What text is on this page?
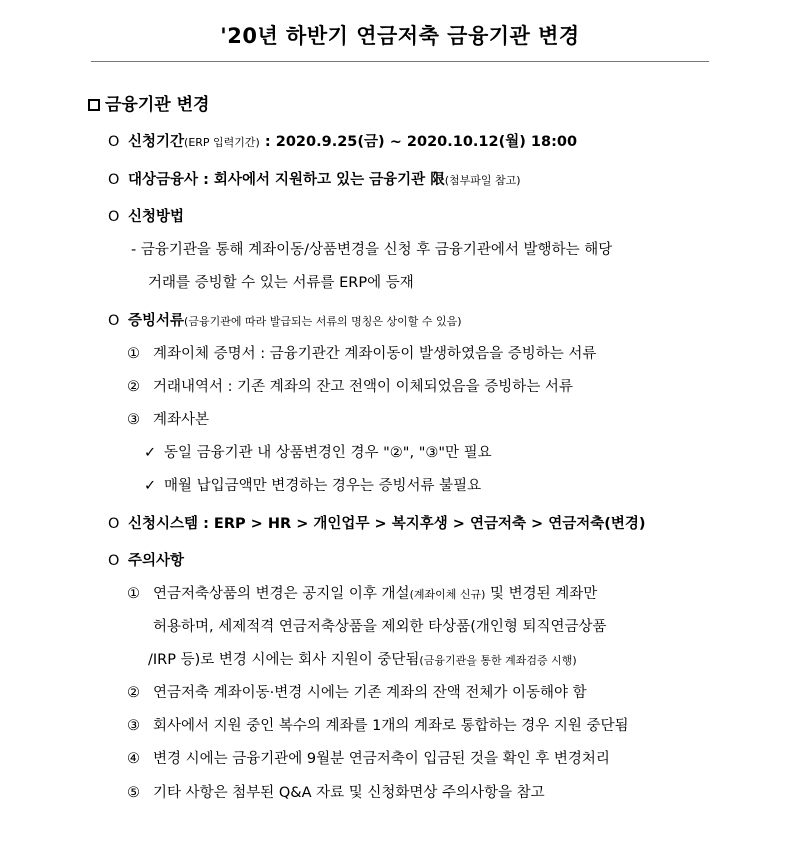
'20년 하반기 연금저축 금융기관 변경
금융기관 변경
O 신청기간(ERP 입력기간) : 2020.9.25(금) ~ 2020.10.12(월) 18:00
O 대상금융사 : 회사에서 지원하고 있는 금융기관 限(첨부파일 참고)
O 신청방법
- 금융기관을 통해 계좌이동/상품변경을 신청 후 금융기관에서 발행하는 해당
거래를 증빙할 수 있는 서류를 ERP에 등재
O 증빙서류(금융기관에 따라 발급되는 서류의 명칭은 상이할 수 있음)
① 계좌이체 증명서 : 금융기관간 계좌이동이 발생하였음을 증빙하는 서류
② 거래내역서 : 기존 계좌의 잔고 전액이 이체되었음을 증빙하는 서류
③ 계좌사본
✓ 동일 금융기관 내 상품변경인 경우 "②", "③"만 필요
✓ 매월 납입금액만 변경하는 경우는 증빙서류 불필요
O 신청시스템 : ERP > HR > 개인업무 > 복지후생 > 연금저축 > 연금저축(변경)
O 주의사항
① 연금저축상품의 변경은 공지일 이후 개설(계좌이체 신규) 및 변경된 계좌만
허용하며, 세제적격 연금저축상품을 제외한 타상품(개인형 퇴직연금상품
/IRP 등)로 변경 시에는 회사 지원이 중단됨(금융기관을 통한 계좌검증 시행)
② 연금저축 계좌이동·변경 시에는 기존 계좌의 잔액 전체가 이동해야 함
③ 회사에서 지원 중인 복수의 계좌를 1개의 계좌로 통합하는 경우 지원 중단됨
④ 변경 시에는 금융기관에 9월분 연금저축이 입금된 것을 확인 후 변경처리
⑤ 기타 사항은 첨부된 Q&A 자료 및 신청화면상 주의사항을 참고
